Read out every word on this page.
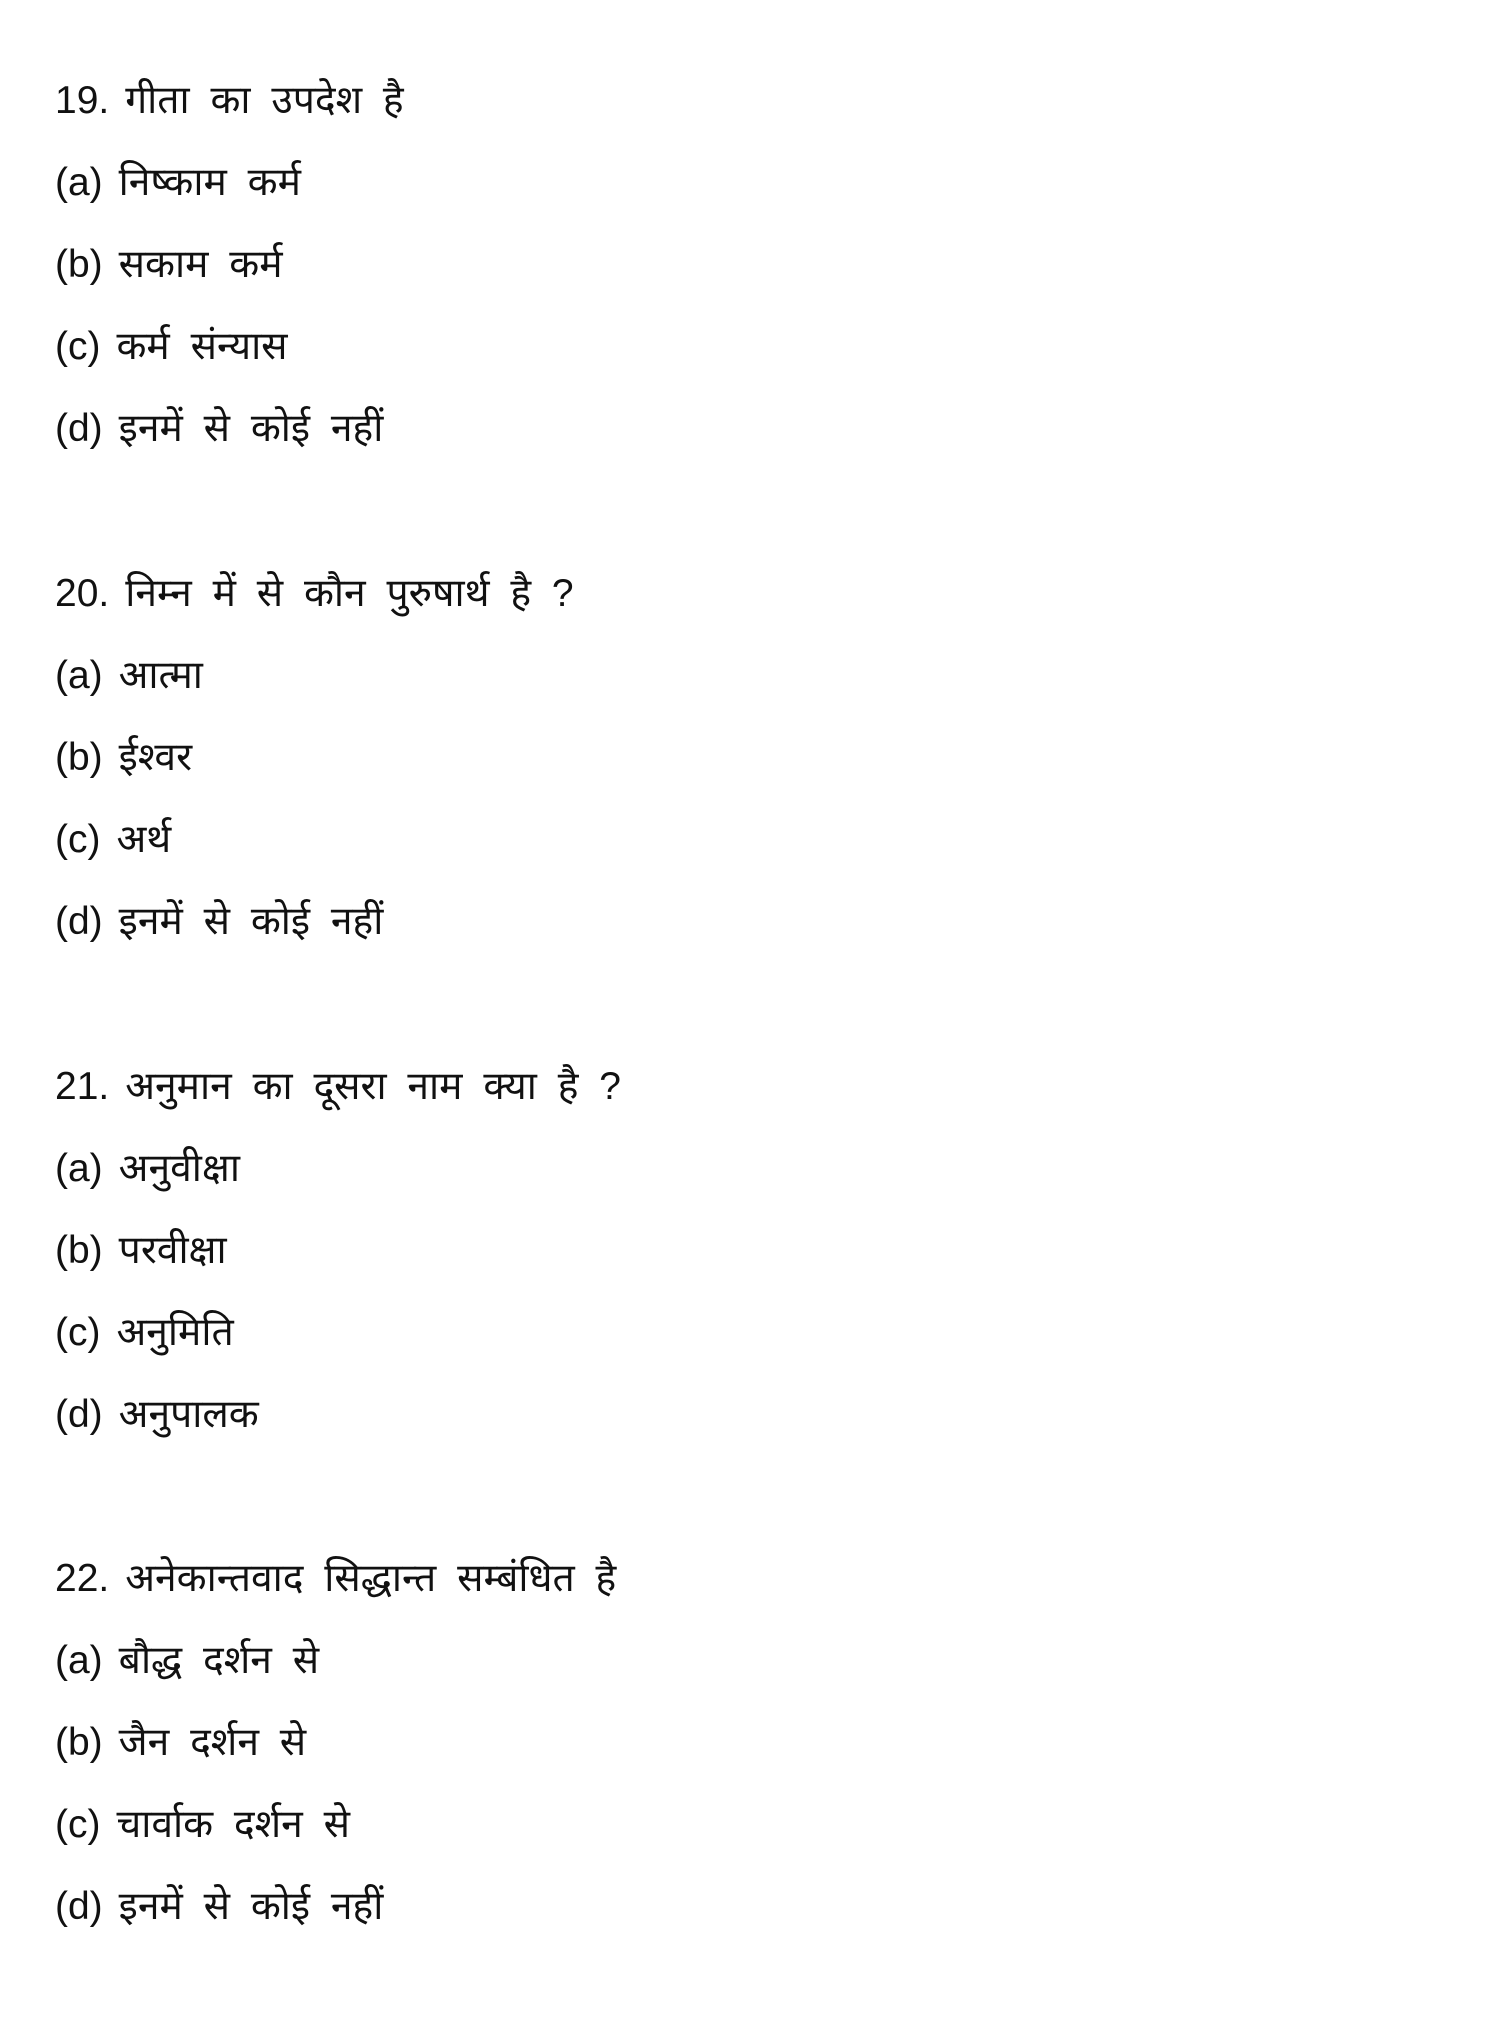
19. गीता का उपदेश है
(a) निष्काम कर्म
(b) सकाम कर्म
(c) कर्म संन्यास
(d) इनमें से कोई नहीं
20. निम्न में से कौन पुरुषार्थ है ?
(a) आत्मा
(b) ईश्वर
(c) अर्थ
(d) इनमें से कोई नहीं
21. अनुमान का दूसरा नाम क्या है ?
(a) अनुवीक्षा
(b) परवीक्षा
(c) अनुमिति
(d) अनुपालक
22. अनेकान्तवाद सिद्धान्त सम्बंधित है
(a) बौद्ध दर्शन से
(b) जैन दर्शन से
(c) चार्वाक दर्शन से
(d) इनमें से कोई नहीं
